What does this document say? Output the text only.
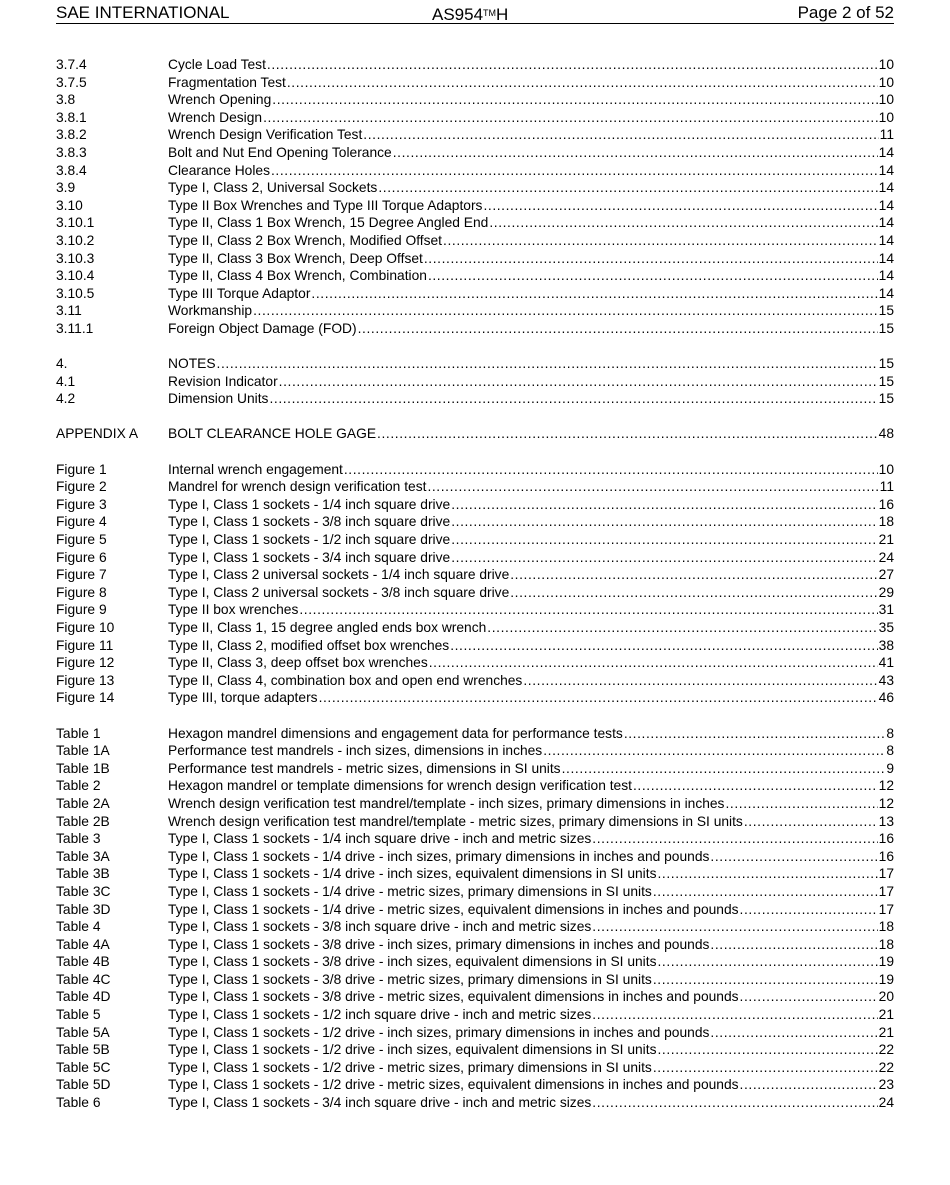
SAE INTERNATIONAL	AS954™H	Page 2 of 52
3.7.4	Cycle Load Test .....	10
3.7.5	Fragmentation Test .....	10
3.8	Wrench Opening .....	10
3.8.1	Wrench Design .....	10
3.8.2	Wrench Design Verification Test .....	11
3.8.3	Bolt and Nut End Opening Tolerance .....	14
3.8.4	Clearance Holes .....	14
3.9	Type I, Class 2, Universal Sockets .....	14
3.10	Type II Box Wrenches and Type III Torque Adaptors .....	14
3.10.1	Type II, Class 1 Box Wrench, 15 Degree Angled End .....	14
3.10.2	Type II, Class 2 Box Wrench, Modified Offset .....	14
3.10.3	Type II, Class 3 Box Wrench, Deep Offset .....	14
3.10.4	Type II, Class 4 Box Wrench, Combination .....	14
3.10.5	Type III Torque Adaptor .....	14
3.11	Workmanship .....	15
3.11.1	Foreign Object Damage (FOD) .....	15
4.	NOTES .....	15
4.1	Revision Indicator .....	15
4.2	Dimension Units .....	15
APPENDIX A	BOLT CLEARANCE HOLE GAGE .....	48
Figure 1	Internal wrench engagement .....	10
Figure 2	Mandrel for wrench design verification test .....	11
Figure 3	Type I, Class 1 sockets - 1/4 inch square drive .....	16
Figure 4	Type I, Class 1 sockets - 3/8 inch square drive .....	18
Figure 5	Type I, Class 1 sockets - 1/2 inch square drive .....	21
Figure 6	Type I, Class 1 sockets - 3/4 inch square drive .....	24
Figure 7	Type I, Class 2 universal sockets - 1/4 inch square drive .....	27
Figure 8	Type I, Class 2 universal sockets - 3/8 inch square drive .....	29
Figure 9	Type II box wrenches .....	31
Figure 10	Type II, Class 1, 15 degree angled ends box wrench .....	35
Figure 11	Type II, Class 2, modified offset box wrenches .....	38
Figure 12	Type II, Class 3, deep offset box wrenches .....	41
Figure 13	Type II, Class 4, combination box and open end wrenches .....	43
Figure 14	Type III, torque adapters .....	46
Table 1	Hexagon mandrel dimensions and engagement data for performance tests .....	8
Table 1A	Performance test mandrels - inch sizes, dimensions in inches .....	8
Table 1B	Performance test mandrels - metric sizes, dimensions in SI units .....	9
Table 2	Hexagon mandrel or template dimensions for wrench design verification test .....	12
Table 2A	Wrench design verification test mandrel/template - inch sizes, primary dimensions in inches .....	12
Table 2B	Wrench design verification test mandrel/template - metric sizes, primary dimensions in SI units .....	13
Table 3	Type I, Class 1 sockets - 1/4 inch square drive - inch and metric sizes .....	16
Table 3A	Type I, Class 1 sockets - 1/4 drive - inch sizes, primary dimensions in inches and pounds .....	16
Table 3B	Type I, Class 1 sockets - 1/4 drive - inch sizes, equivalent dimensions in SI units .....	17
Table 3C	Type I, Class 1 sockets - 1/4 drive - metric sizes, primary dimensions in SI units .....	17
Table 3D	Type I, Class 1 sockets - 1/4 drive - metric sizes, equivalent dimensions in inches and pounds .....	17
Table 4	Type I, Class 1 sockets - 3/8 inch square drive - inch and metric sizes .....	18
Table 4A	Type I, Class 1 sockets - 3/8 drive - inch sizes, primary dimensions in inches and pounds .....	18
Table 4B	Type I, Class 1 sockets - 3/8 drive - inch sizes, equivalent dimensions in SI units .....	19
Table 4C	Type I, Class 1 sockets - 3/8 drive - metric sizes, primary dimensions in SI units .....	19
Table 4D	Type I, Class 1 sockets - 3/8 drive - metric sizes, equivalent dimensions in inches and pounds .....	20
Table 5	Type I, Class 1 sockets - 1/2 inch square drive - inch and metric sizes .....	21
Table 5A	Type I, Class 1 sockets - 1/2 drive - inch sizes, primary dimensions in inches and pounds .....	21
Table 5B	Type I, Class 1 sockets - 1/2 drive - inch sizes, equivalent dimensions in SI units .....	22
Table 5C	Type I, Class 1 sockets - 1/2 drive - metric sizes, primary dimensions in SI units .....	22
Table 5D	Type I, Class 1 sockets - 1/2 drive - metric sizes, equivalent dimensions in inches and pounds .....	23
Table 6	Type I, Class 1 sockets - 3/4 inch square drive - inch and metric sizes .....	24
